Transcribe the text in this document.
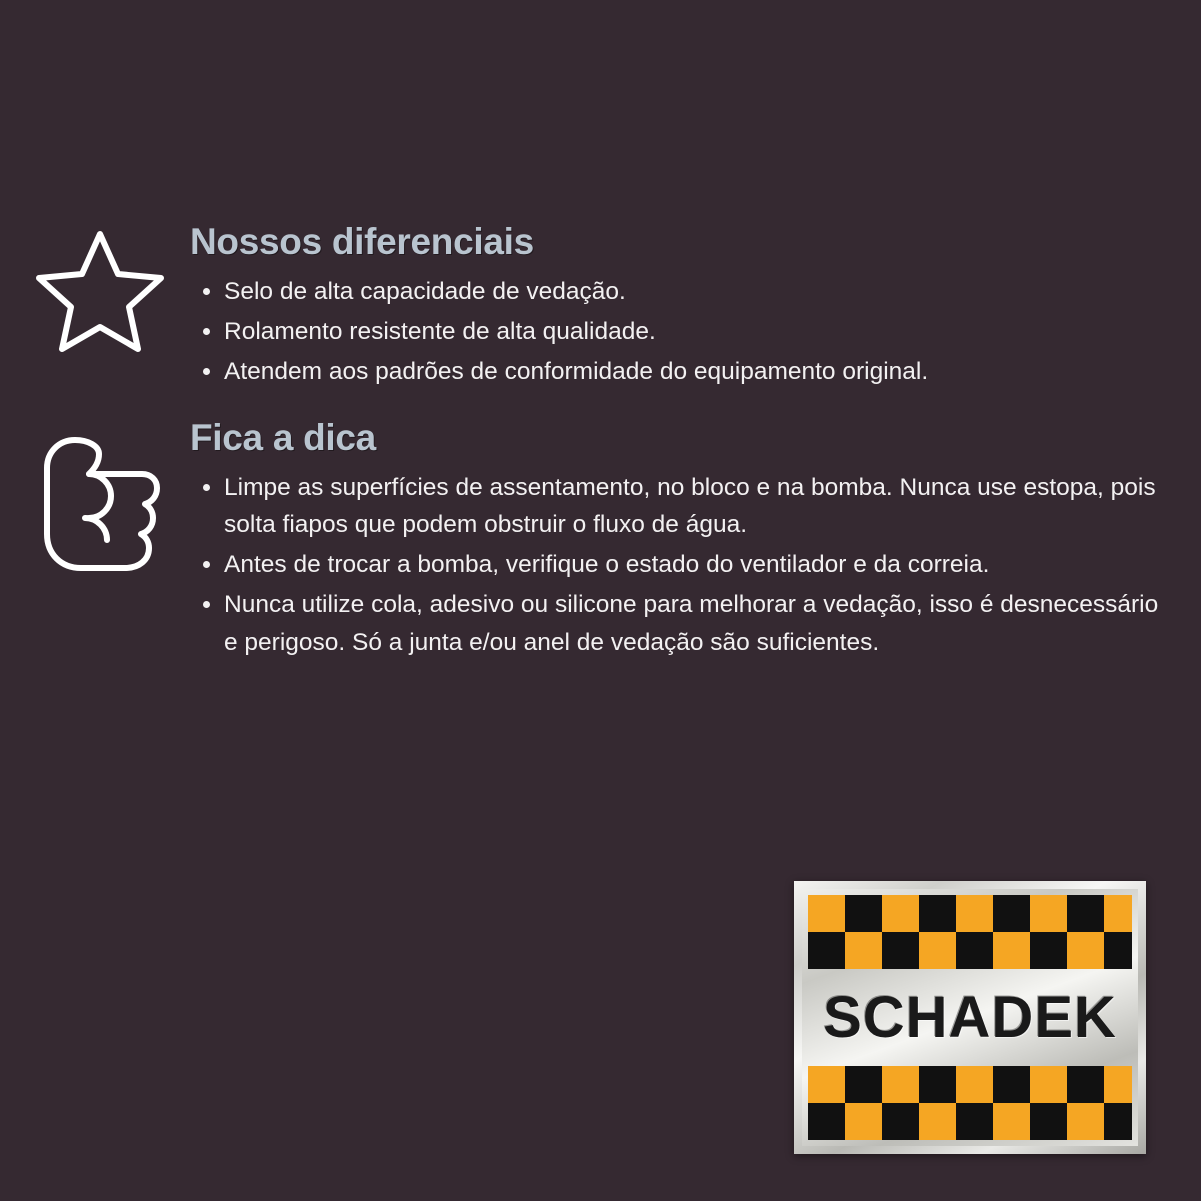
Nossos diferenciais
Selo de alta capacidade de vedação.
Rolamento resistente de alta qualidade.
Atendem aos padrões de conformidade do equipamento original.
Fica a dica
Limpe as superfícies de assentamento, no bloco e na bomba. Nunca use estopa, pois solta fiapos que podem obstruir o fluxo de água.
Antes de trocar a bomba, verifique o estado do ventilador e da correia.
Nunca utilize cola, adesivo ou silicone para melhorar a vedação, isso é desnecessário e perigoso. Só a junta e/ou anel de vedação são suficientes.
SCHADEK
